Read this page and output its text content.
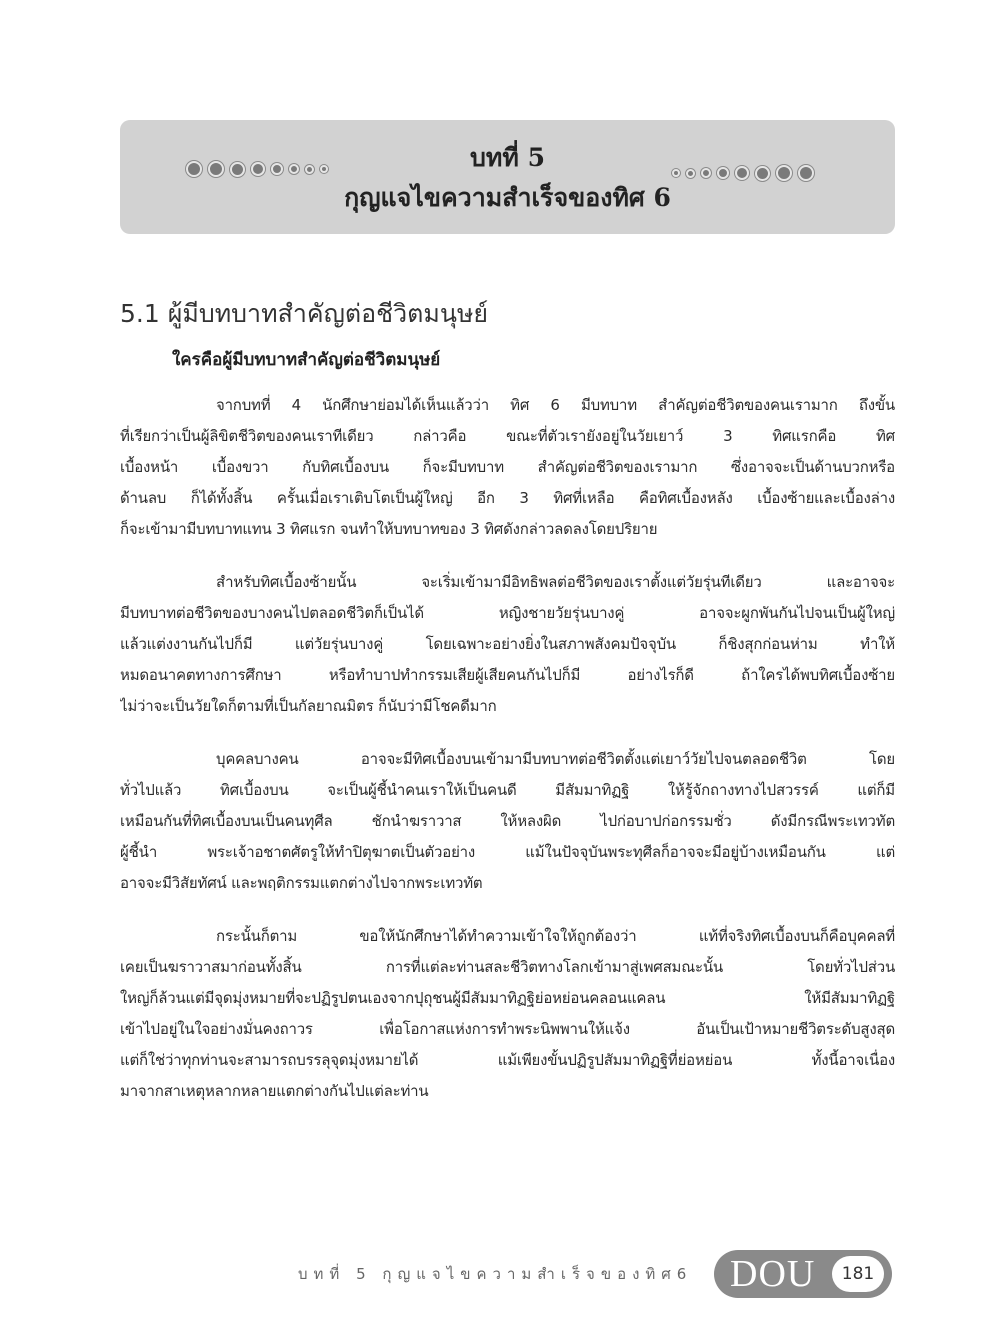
บทที่ 5
กุญแจไขความสำเร็จของทิศ 6
5.1 ผู้มีบทบาทสำคัญต่อชีวิตมนุษย์
ใครคือผู้มีบทบาทสำคัญต่อชีวิตมนุษย์
จากบทที่ 4 นักศึกษาย่อมได้เห็นแล้วว่า ทิศ 6 มีบทบาท สำคัญต่อชีวิตของคนเรามาก ถึงขั้น
ที่เรียกว่าเป็นผู้ลิขิตชีวิตของคนเราทีเดียว กล่าวคือ ขณะที่ตัวเรายังอยู่ในวัยเยาว์ 3 ทิศแรกคือ ทิศ
เบื้องหน้า เบื้องขวา กับทิศเบื้องบน ก็จะมีบทบาท สำคัญต่อชีวิตของเรามาก ซึ่งอาจจะเป็นด้านบวกหรือ
ด้านลบ ก็ได้ทั้งสิ้น ครั้นเมื่อเราเติบโตเป็นผู้ใหญ่ อีก 3 ทิศที่เหลือ คือทิศเบื้องหลัง เบื้องซ้ายและเบื้องล่าง
ก็จะเข้ามามีบทบาทแทน 3 ทิศแรก จนทำให้บทบาทของ 3 ทิศดังกล่าวลดลงโดยปริยาย
สำหรับทิศเบื้องซ้ายนั้น จะเริ่มเข้ามามีอิทธิพลต่อชีวิตของเราตั้งแต่วัยรุ่นทีเดียว และอาจจะ
มีบทบาทต่อชีวิตของบางคนไปตลอดชีวิตก็เป็นได้ หญิงชายวัยรุ่นบางคู่ อาจจะผูกพันกันไปจนเป็นผู้ใหญ่
แล้วแต่งงานกันไปก็มี แต่วัยรุ่นบางคู่ โดยเฉพาะอย่างยิ่งในสภาพสังคมปัจจุบัน ก็ชิงสุกก่อนห่าม ทำให้
หมดอนาคตทางการศึกษา หรือทำบาปทำกรรมเสียผู้เสียคนกันไปก็มี อย่างไรก็ดี ถ้าใครได้พบทิศเบื้องซ้าย
ไม่ว่าจะเป็นวัยใดก็ตามที่เป็นกัลยาณมิตร ก็นับว่ามีโชคดีมาก
บุคคลบางคน อาจจะมีทิศเบื้องบนเข้ามามีบทบาทต่อชีวิตตั้งแต่เยาว์วัยไปจนตลอดชีวิต โดย
ทั่วไปแล้ว ทิศเบื้องบน จะเป็นผู้ชี้นำคนเราให้เป็นคนดี มีสัมมาทิฏฐิ ให้รู้จักถางทางไปสวรรค์ แต่ก็มี
เหมือนกันที่ทิศเบื้องบนเป็นคนทุศีล ชักนำฆราวาส ให้หลงผิด ไปก่อบาปก่อกรรมชั่ว ดังมีกรณีพระเทวทัต
ผู้ชี้นำ พระเจ้าอชาตศัตรูให้ทำปิตุฆาตเป็นตัวอย่าง แม้ในปัจจุบันพระทุศีลก็อาจจะมีอยู่บ้างเหมือนกัน แต่
อาจจะมีวิสัยทัศน์ และพฤติกรรมแตกต่างไปจากพระเทวทัต
กระนั้นก็ตาม ขอให้นักศึกษาได้ทำความเข้าใจให้ถูกต้องว่า แท้ที่จริงทิศเบื้องบนก็คือบุคคลที่
เคยเป็นฆราวาสมาก่อนทั้งสิ้น การที่แต่ละท่านสละชีวิตทางโลกเข้ามาสู่เพศสมณะนั้น โดยทั่วไปส่วน
ใหญ่ก็ล้วนแต่มีจุดมุ่งหมายที่จะปฏิรูปตนเองจากปุถุชนผู้มีสัมมาทิฏฐิย่อหย่อนคลอนแคลน ให้มีสัมมาทิฏฐิ
เข้าไปอยู่ในใจอย่างมั่นคงถาวร เพื่อโอกาสแห่งการทำพระนิพพานให้แจ้ง อันเป็นเป้าหมายชีวิตระดับสูงสุด
แต่ก็ใช่ว่าทุกท่านจะสามารถบรรลุจุดมุ่งหมายได้ แม้เพียงขั้นปฏิรูปสัมมาทิฏฐิที่ย่อหย่อน ทั้งนี้อาจเนื่อง
มาจากสาเหตุหลากหลายแตกต่างกันไปแต่ละท่าน
บทที่ 5 กุญแจไขความสำเร็จของทิศ6 DOU	181
